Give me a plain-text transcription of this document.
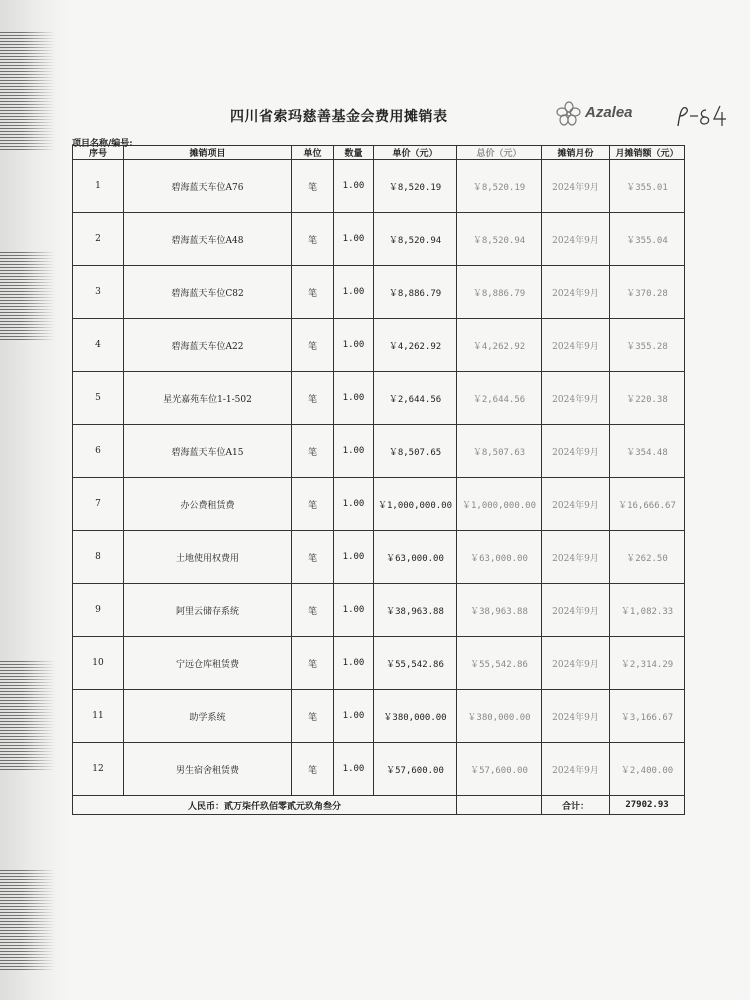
四川省索玛慈善基金会费用摊销表	Azalea
项目名称/编号:
序号	摊销项目	单位	数量	单价（元）	总价（元）	摊销月份	月摊销额（元）
1	碧海蓝天车位A76	笔	1.00	￥8,520.19	￥8,520.19	2024年9月	￥355.01
2	碧海蓝天车位A48	笔	1.00	￥8,520.94	￥8,520.94	2024年9月	￥355.04
3	碧海蓝天车位C82	笔	1.00	￥8,886.79	￥8,886.79	2024年9月	￥370.28
4	碧海蓝天车位A22	笔	1.00	￥4,262.92	￥4,262.92	2024年9月	￥355.28
5	星光嘉苑车位1-1-502	笔	1.00	￥2,644.56	￥2,644.56	2024年9月	￥220.38
6	碧海蓝天车位A15	笔	1.00	￥8,507.65	￥8,507.63	2024年9月	￥354.48
7	办公费租赁费	笔	1.00	￥1,000,000.00	￥1,000,000.00	2024年9月	￥16,666.67
8	土地使用权费用	笔	1.00	￥63,000.00	￥63,000.00	2024年9月	￥262.50
9	阿里云储存系统	笔	1.00	￥38,963.88	￥38,963.88	2024年9月	￥1,082.33
10	宁远仓库租赁费	笔	1.00	￥55,542.86	￥55,542.86	2024年9月	￥2,314.29
11	助学系统	笔	1.00	￥380,000.00	￥380,000.00	2024年9月	￥3,166.67
12	男生宿舍租赁费	笔	1.00	￥57,600.00	￥57,600.00	2024年9月	￥2,400.00
人民币：贰万柒仟玖佰零贰元玖角叁分						合计：	27902.93
